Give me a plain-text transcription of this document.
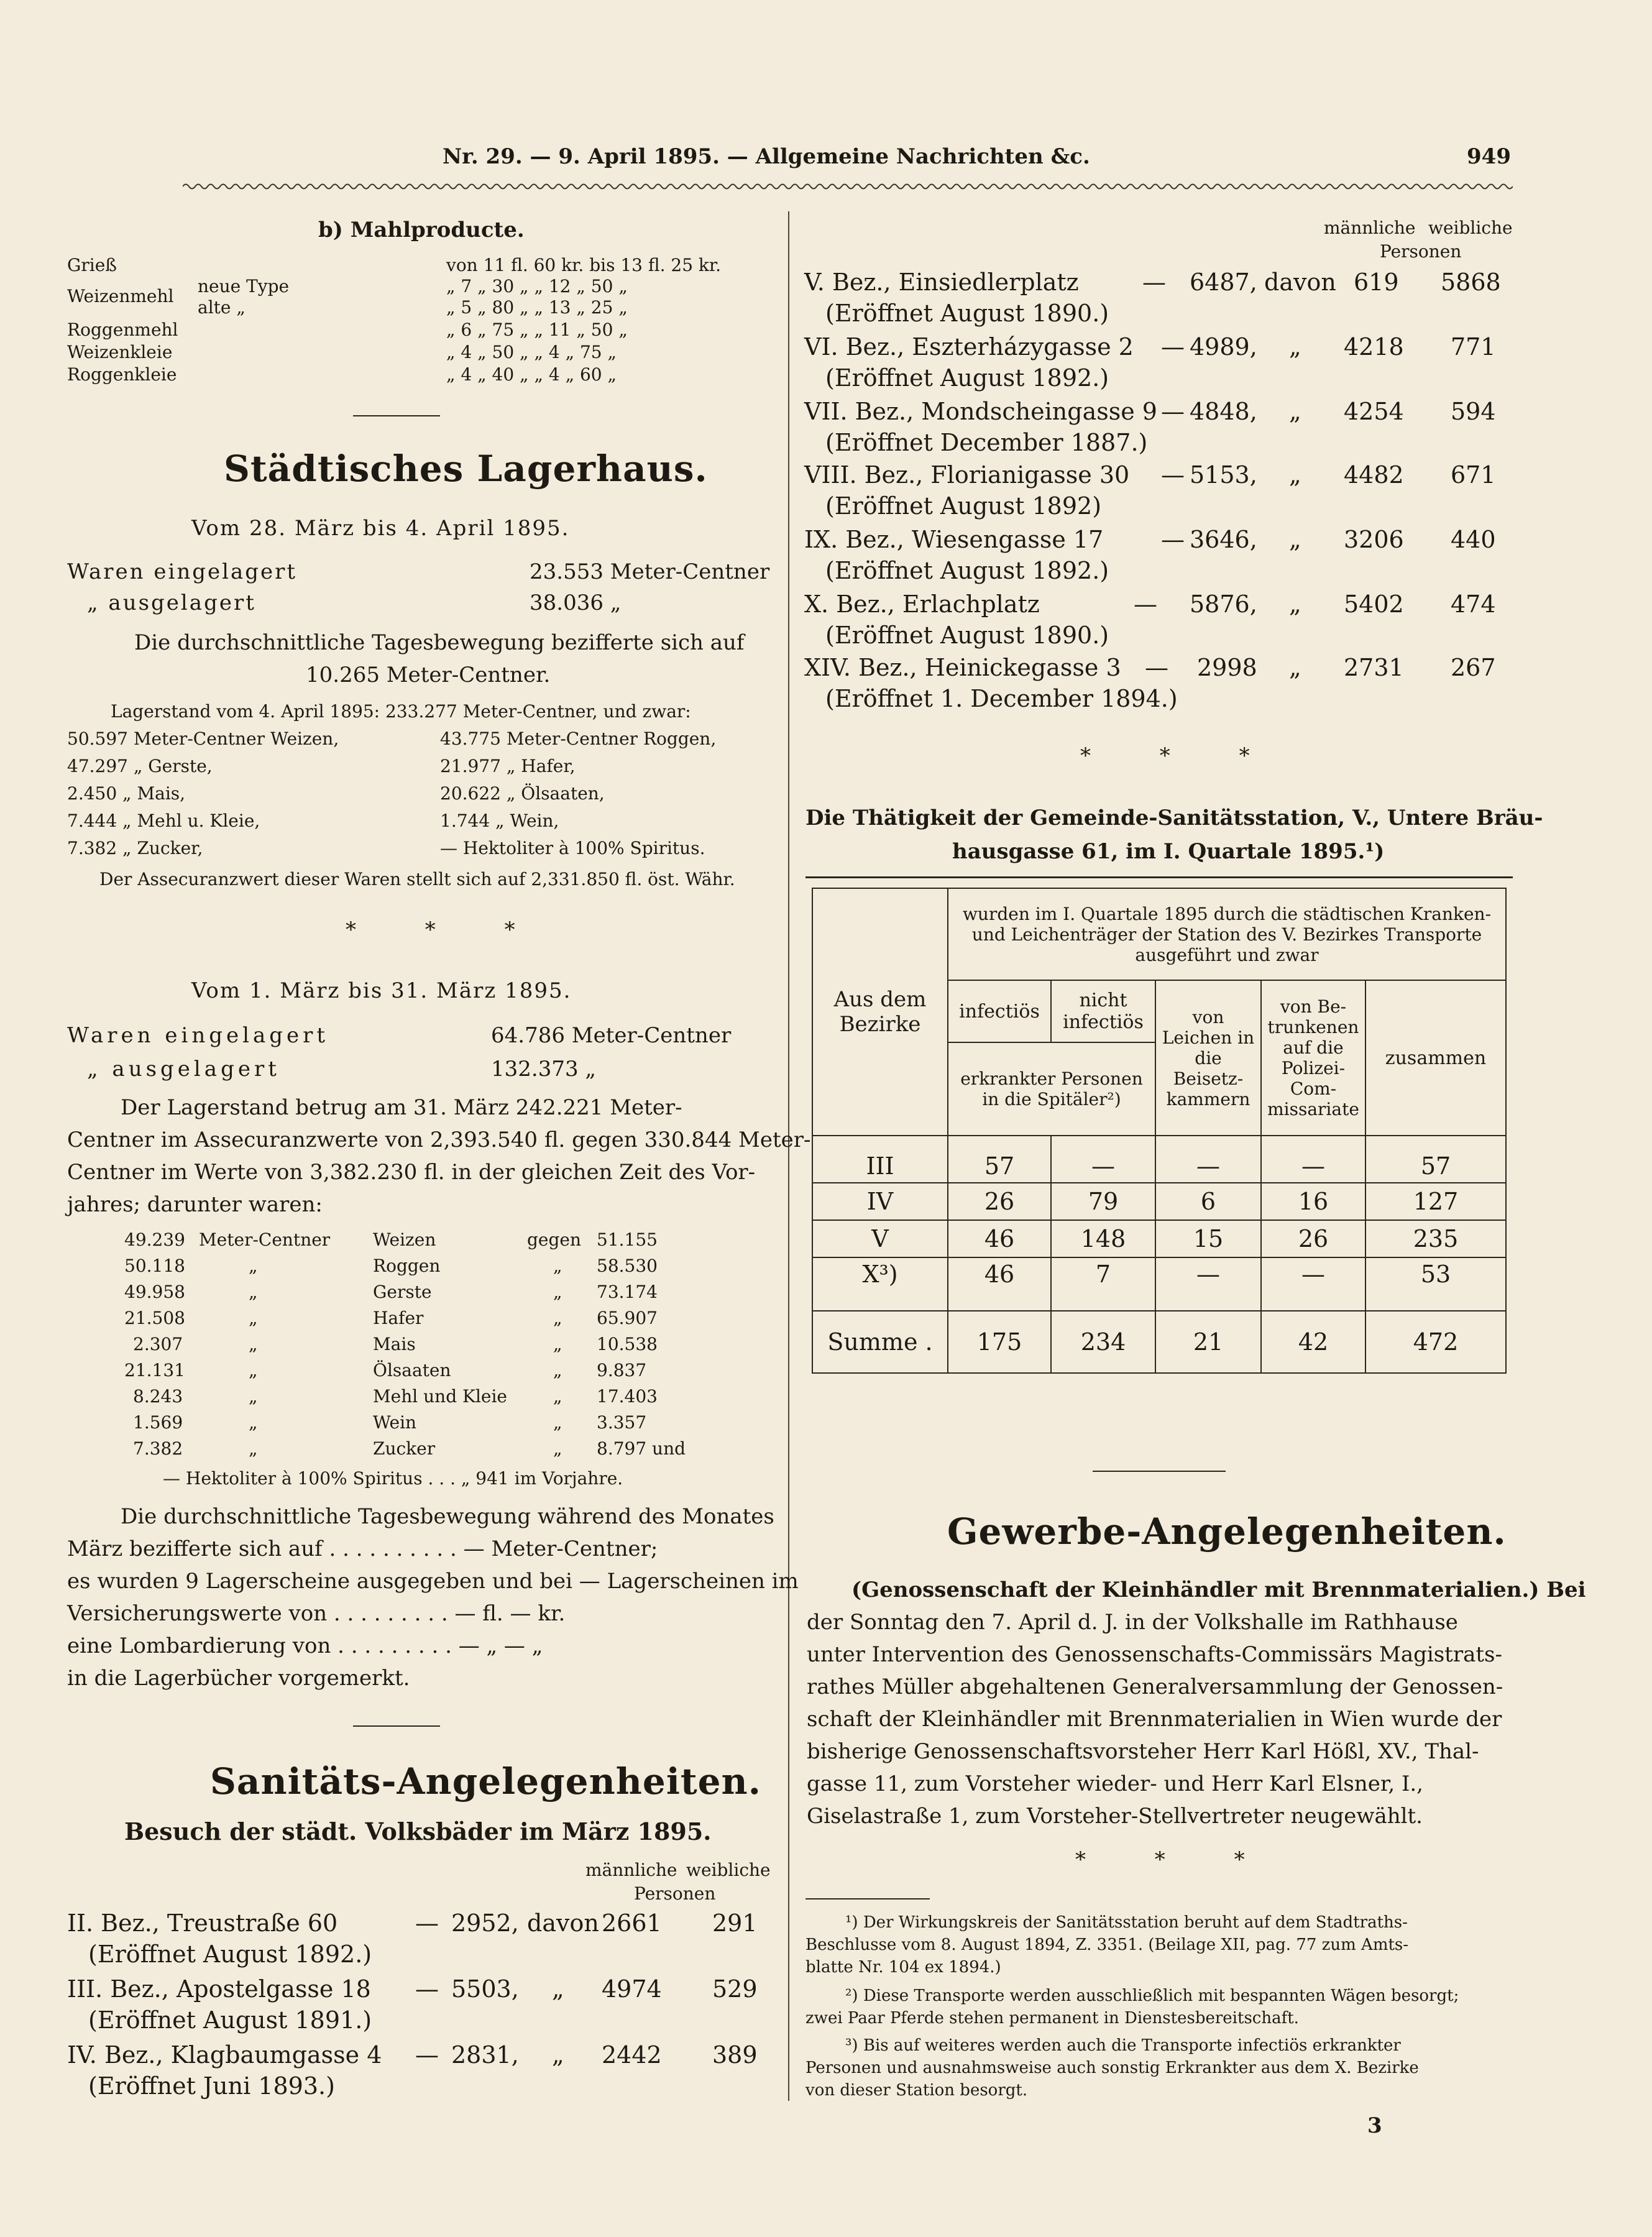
Nr. 29. — 9. April 1895. — Allgemeine Nachrichten &c.	949
b) Mahlproducte.
Grieß	von 11 fl. 60 kr. bis 13 fl. 25 kr.
Weizenmehl neue Type	„ 7 „ 30 „ „ 12 „ 50 „
alte „	„ 5 „ 80 „ „ 13 „ 25 „
Roggenmehl	„ 6 „ 75 „ „ 11 „ 50 „
Weizenkleie	„ 4 „ 50 „ „ 4 „ 75 „
Roggenkleie	„ 4 „ 40 „ „ 4 „ 60 „
Städtisches Lagerhaus.
Vom 28. März bis 4. April 1895.
Waren eingelagert	23.553 Meter-Centner
„ ausgelagert	38.036 „
Die durchschnittliche Tagesbewegung bezifferte sich auf
10.265 Meter-Centner.
Lagerstand vom 4. April 1895: 233.277 Meter-Centner, und zwar:
50.597 Meter-Centner Weizen,	43.775 Meter-Centner Roggen,
47.297 „ Gerste,	21.977 „ Hafer,
2.450 „ Mais,	20.622 „ Ölsaaten,
7.444 „ Mehl u. Kleie,	1.744 „ Wein,
7.382 „ Zucker,	— Hektoliter à 100% Spiritus.
Der Assecuranzwert dieser Waren stellt sich auf 2,331.850 fl. öst. Währ.
* * *
Vom 1. März bis 31. März 1895.
Waren eingelagert	64.786 Meter-Centner
„ ausgelagert	132.373 „
Der Lagerstand betrug am 31. März 242.221 Meter-
Centner im Assecuranzwerte von 2,393.540 fl. gegen 330.844 Meter-
Centner im Werte von 3,382.230 fl. in der gleichen Zeit des Vor-
jahres; darunter waren:
49.239 Meter-Centner Weizen	gegen 51.155
50.118	„	Roggen	„ 58.530
49.958	„	Gerste	„ 73.174
21.508	„	Hafer	„ 65.907
2.307	„	Mais	„ 10.538
21.131	„	Ölsaaten	„ 9.837
8.243	„	Mehl und Kleie	„ 17.403
1.569	„	Wein	„ 3.357
7.382	„	Zucker	„ 8.797 und
— Hektoliter à 100% Spiritus . . . „ 941 im Vorjahre.
Die durchschnittliche Tagesbewegung während des Monates
März bezifferte sich auf . . . . . . . . . . — Meter-Centner;
es wurden 9 Lagerscheine ausgegeben und bei — Lagerscheinen im
Versicherungswerte von . . . . . . . . . — fl. — kr.
eine Lombardierung von . . . . . . . . . — „ — „
in die Lagerbücher vorgemerkt.
Sanitäts-Angelegenheiten.
Besuch der städt. Volksbäder im März 1895.
männliche weibliche
Personen
II. Bez., Treustraße 60	— 2952, davon 2661 291
(Eröffnet August 1892.)
III. Bez., Apostelgasse 18 — 5503, „ 4974 529
(Eröffnet August 1891.)
IV. Bez., Klagbaumgasse 4 — 2831, „ 2442 389
(Eröffnet Juni 1893.)
männliche weibliche
Personen
V. Bez., Einsiedlerplatz	— 6487, davon 619 5868
(Eröffnet August 1890.)
VI. Bez., Eszterházygasse 2 — 4989, „ 4218 771
(Eröffnet August 1892.)
VII. Bez., Mondscheingasse 9 — 4848, „ 4254 594
(Eröffnet December 1887.)
VIII. Bez., Florianigasse 30 — 5153, „ 4482 671
(Eröffnet August 1892)
IX. Bez., Wiesengasse 17 — 3646, „ 3206 440
(Eröffnet August 1892.)
X. Bez., Erlachplatz	— 5876, „ 5402 474
(Eröffnet August 1890.)
XIV. Bez., Heinickegasse 3 — 2998 „ 2731 267
(Eröffnet 1. December 1894.)
* * *
Die Thätigkeit der Gemeinde-Sanitätsstation, V., Untere Bräu-
hausgasse 61, im I. Quartale 1895.¹)
Aus dem Bezirke	wurden im I. Quartale 1895 durch die städtischen Kranken- und Leichenträger der Station des V. Bezirkes Transporte ausgeführt und zwar				
	infectiös	nicht infectiös	von Leichen in die Beisetz-kammern	von Be-trunkenen auf die Polizei-Com-missariate	zusammen
	erkrankter Personen in die Spitäler²)				
III	57	—	—	—	57
IV	26	79	6	16	127
V	46	148	15	26	235
X³)	46	7	—	—	53
Summe .	175	234	21	42	472
Gewerbe-Angelegenheiten.
(Genossenschaft der Kleinhändler mit Brennmaterialien.) Bei
der Sonntag den 7. April d. J. in der Volkshalle im Rathhause
unter Intervention des Genossenschafts-Commissärs Magistrats-
rathes Müller abgehaltenen Generalversammlung der Genossen-
schaft der Kleinhändler mit Brennmaterialien in Wien wurde der
bisherige Genossenschaftsvorsteher Herr Karl Hößl, XV., Thal-
gasse 11, zum Vorsteher wieder- und Herr Karl Elsner, I.,
Giselastraße 1, zum Vorsteher-Stellvertreter neugewählt.
* * *
¹) Der Wirkungskreis der Sanitätsstation beruht auf dem Stadtraths-
Beschlusse vom 8. August 1894, Z. 3351. (Beilage XII, pag. 77 zum Amts-
blatte Nr. 104 ex 1894.)
²) Diese Transporte werden ausschließlich mit bespannten Wägen besorgt;
zwei Paar Pferde stehen permanent in Dienstesbereitschaft.
³) Bis auf weiteres werden auch die Transporte infectiös erkrankter
Personen und ausnahmsweise auch sonstig Erkrankter aus dem X. Bezirke
von dieser Station besorgt.
3
